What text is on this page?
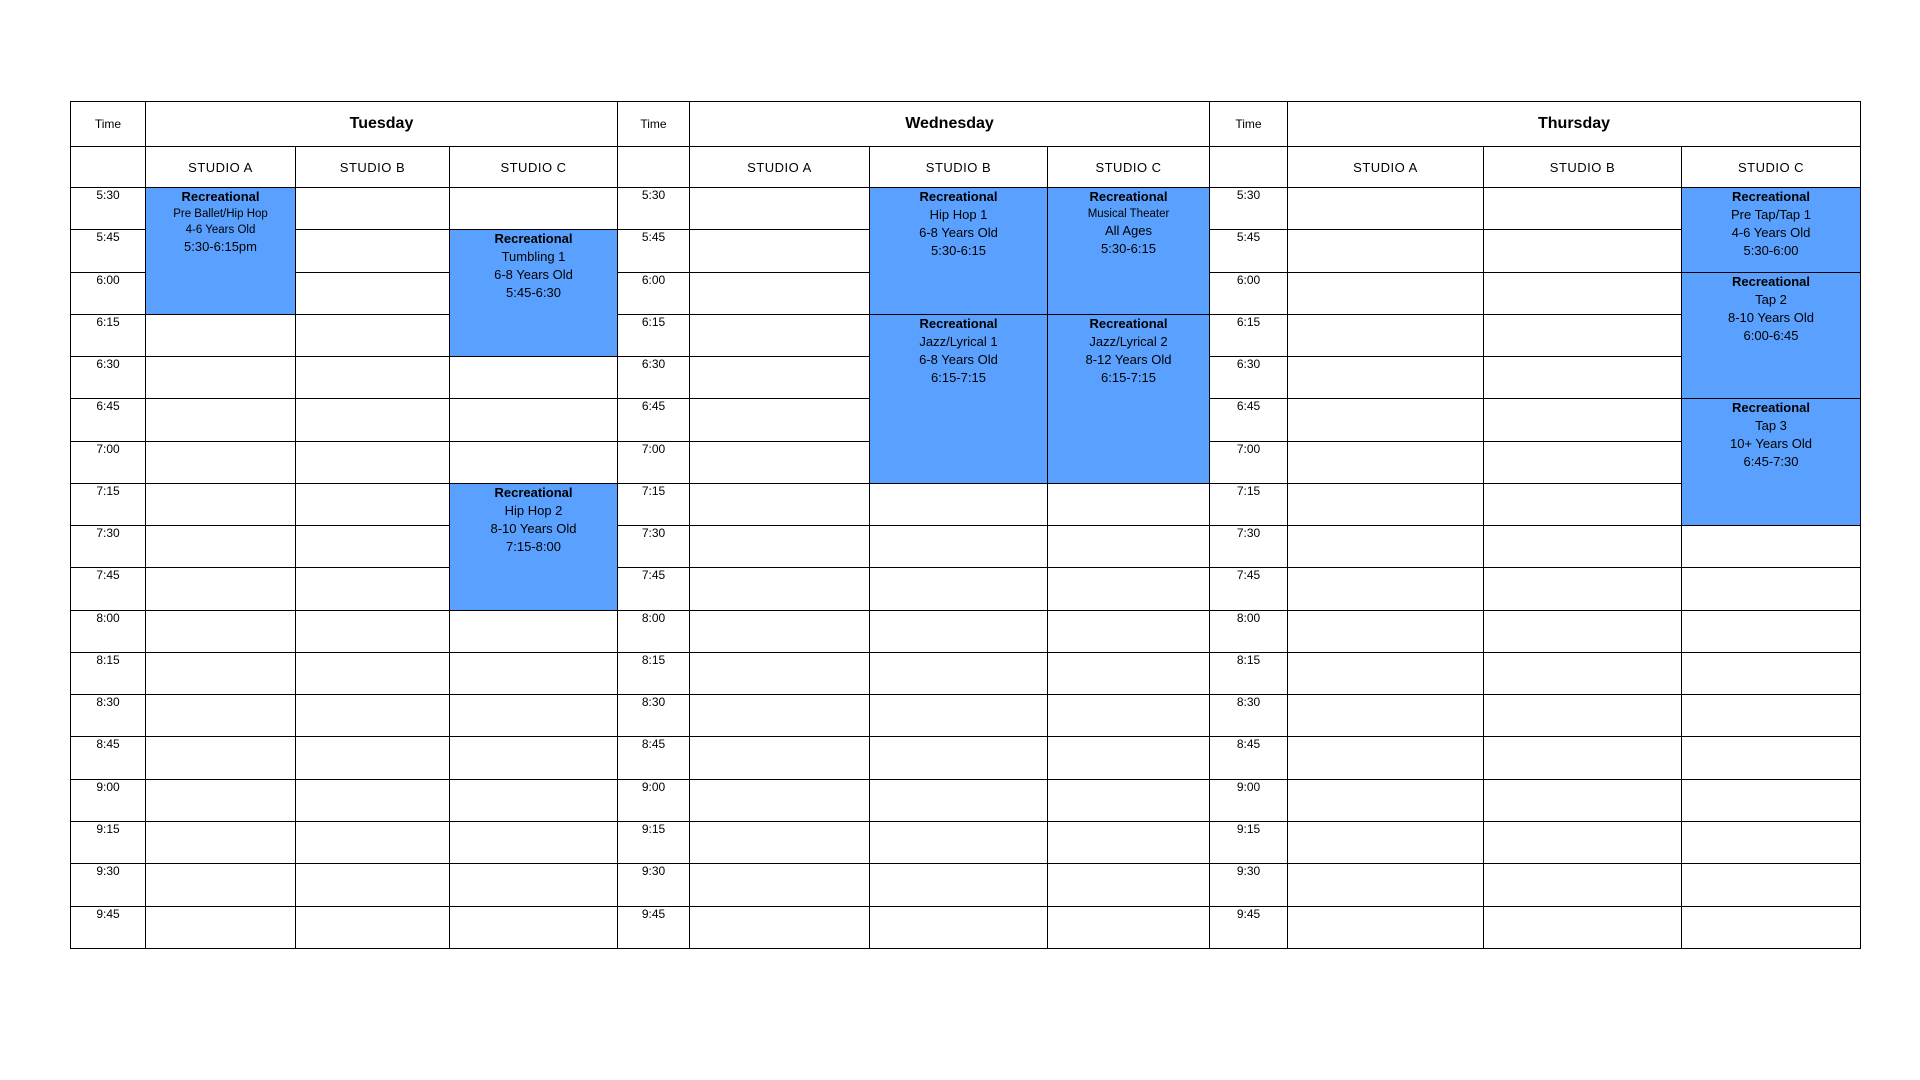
Time	Tuesday			Time	Wednesday			Time	Thursday		
	STUDIO A	STUDIO B	STUDIO C		STUDIO A	STUDIO B	STUDIO C		STUDIO A	STUDIO B	STUDIO C
5:30	Recreational
Pre Ballet/Hip Hop
4-6 Years Old
5:30-6:15pm			5:30		Recreational
Hip Hop 1
6-8 Years Old
5:30-6:15	Recreational
Musical Theater
All Ages
5:30-6:15	5:30			Recreational
Pre Tap/Tap 1
4-6 Years Old
5:30-6:00

5:45			Recreational
Tumbling 1
6-8 Years Old
5:45-6:30	5:45				5:45			
6:00				6:00				6:00			Recreational
Tap 2
8-10 Years Old
6:00-6:45

6:15				6:15		Recreational
Jazz/Lyrical 1
6-8 Years Old
6:15-7:15	Recreational
Jazz/Lyrical 2
8-12 Years Old
6:15-7:15	6:15			
6:30				6:30				6:30			
6:45				6:45				6:45			Recreational
Tap 3
10+ Years Old
6:45-7:30

7:00				7:00				7:00			
7:15			Recreational
Hip Hop 2
8-10 Years Old
7:15-8:00	7:15				7:15			
7:30				7:30				7:30			
7:45				7:45				7:45			
8:00				8:00				8:00			
8:15				8:15				8:15			
8:30				8:30				8:30			
8:45				8:45				8:45			
9:00				9:00				9:00			
9:15				9:15				9:15			
9:30				9:30				9:30			
9:45				9:45				9:45			
